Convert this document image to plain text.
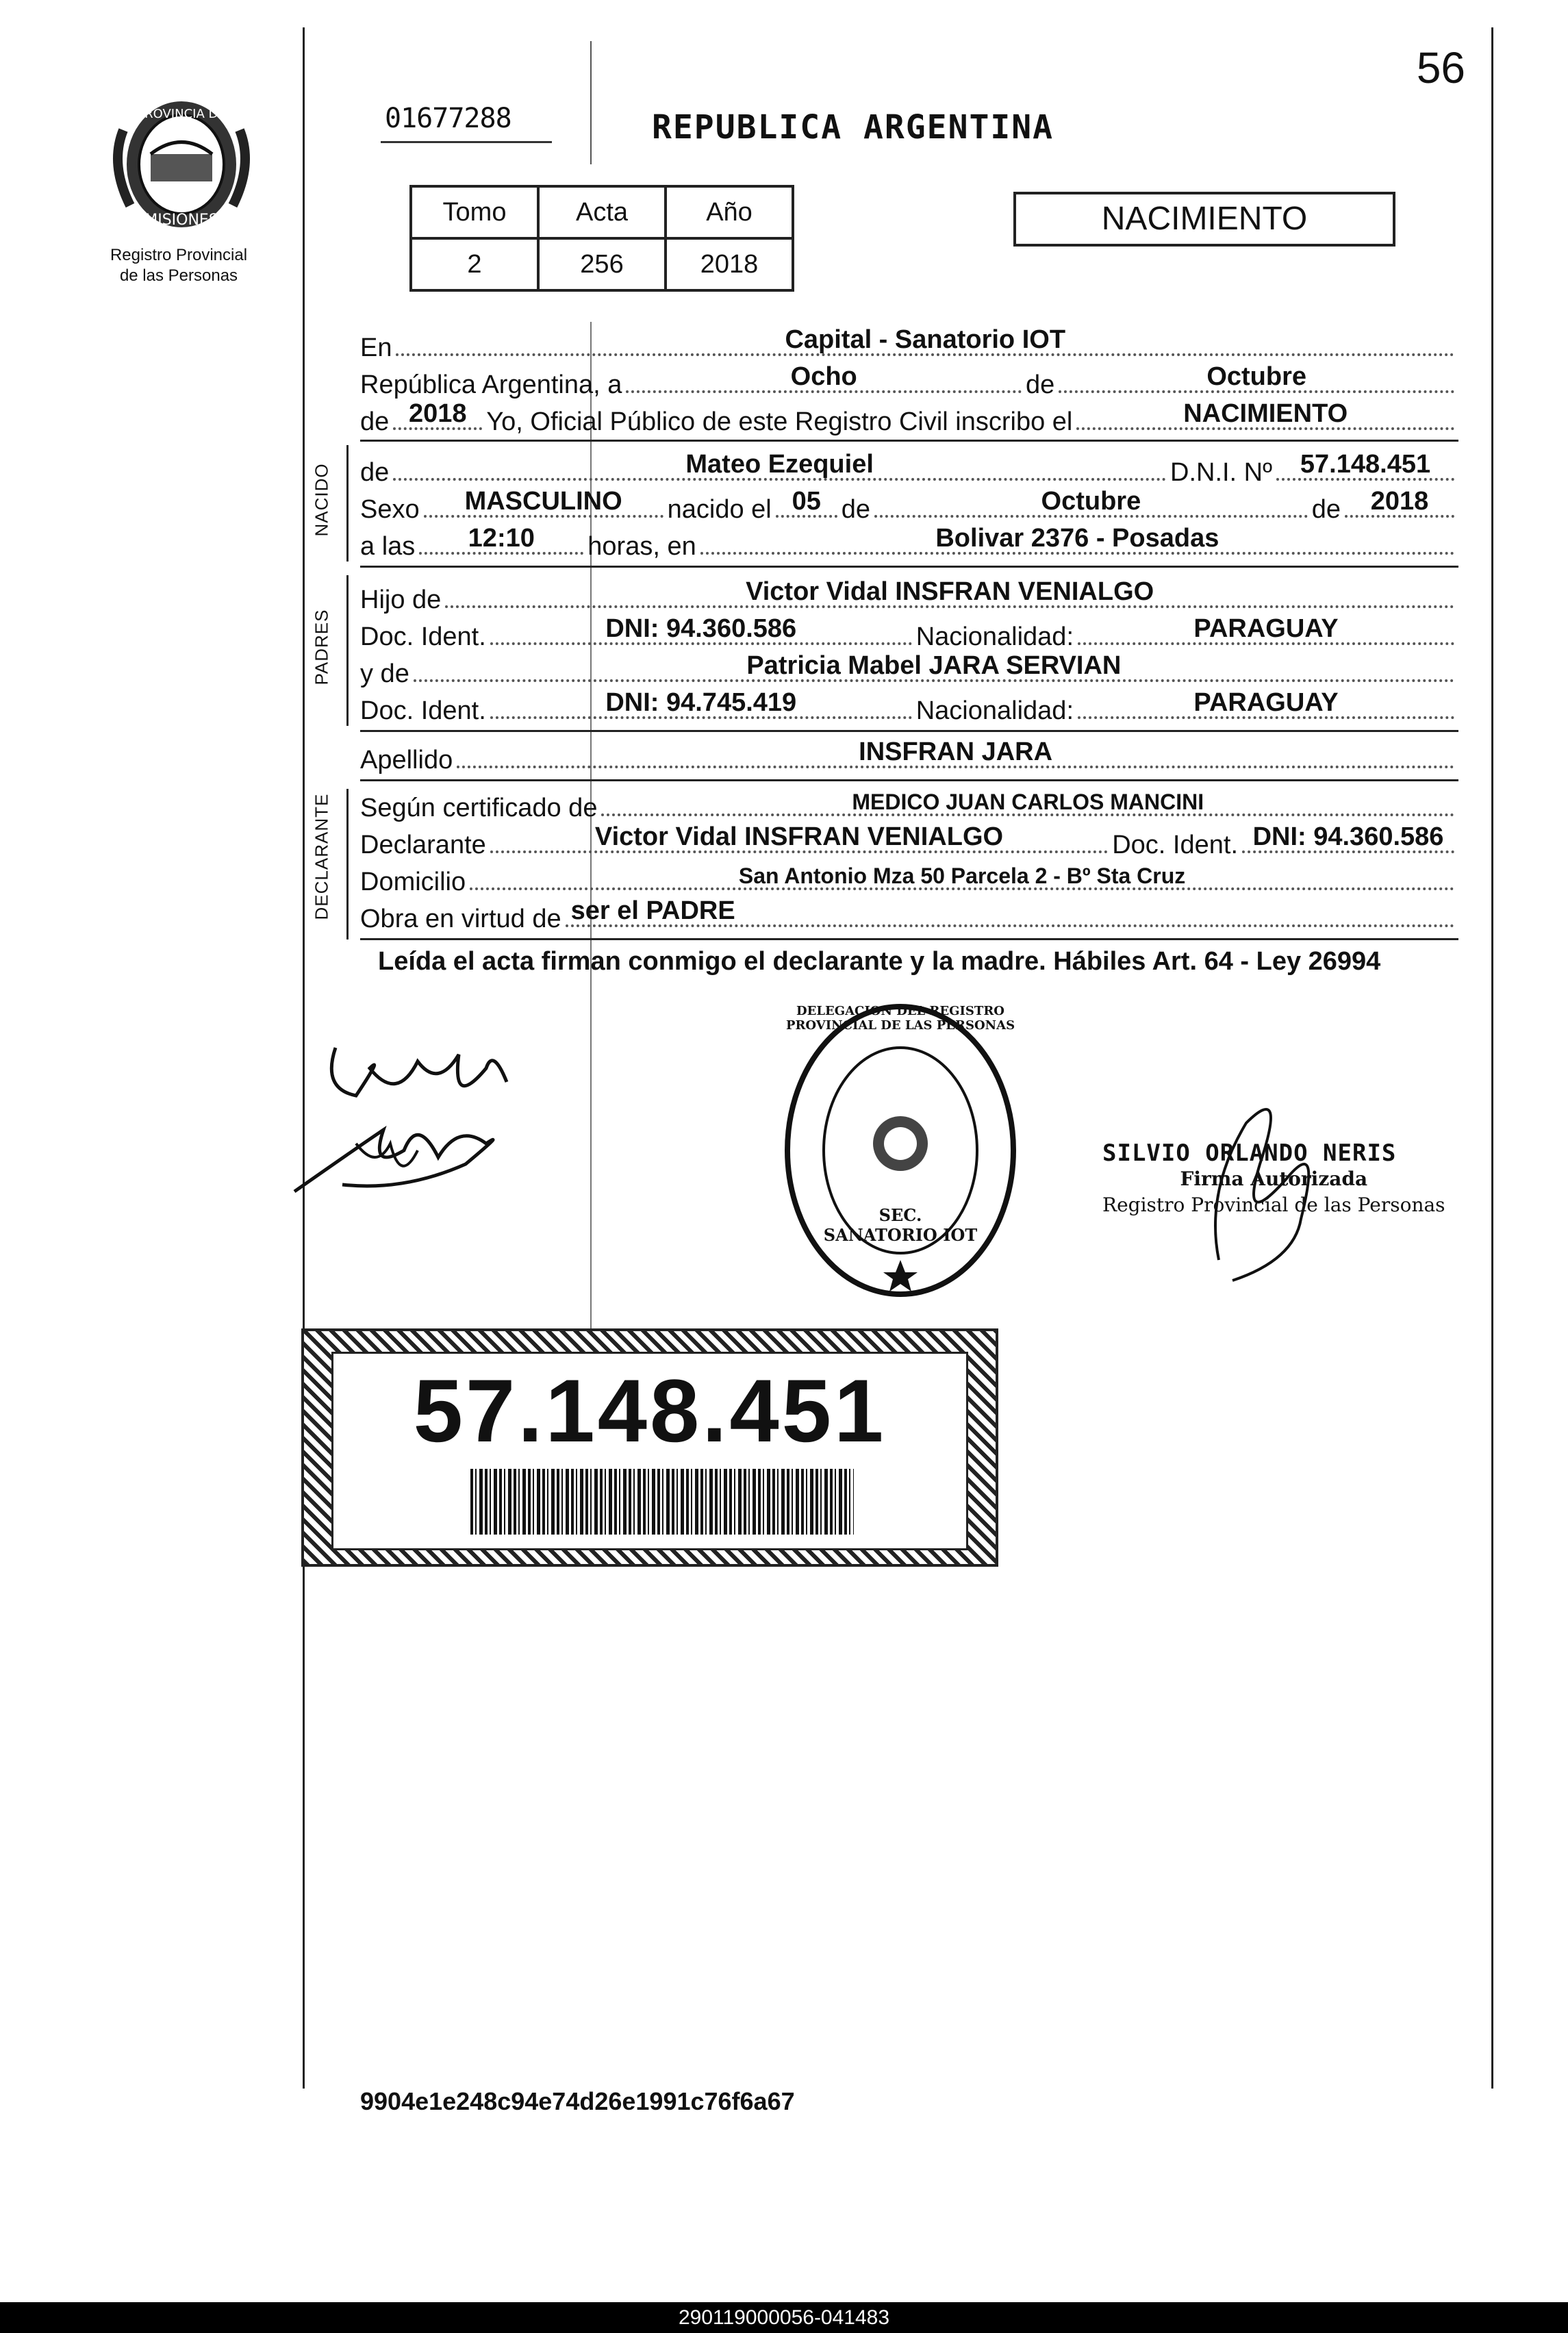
PROVINCIA DE
MISIONES
Registro Provincial
de las Personas
56
01677288	REPUBLICA ARGENTINA
Tomo	Acta	Año
2	256	2018
NACIMIENTO
En	Capital - Sanatorio IOT
República Argentina, a	Ocho	de	Octubre
de 2018 Yo, Oficial Público de este Registro Civil inscribo el	NACIMIENTO
NACIDO de	Mateo Ezequiel	D.N.I. Nº	57.148.451
Sexo	MASCULINO	nacido el 05 de	Octubre	de	2018
a las	12:10	horas, en	Bolivar 2376 - Posadas
PADRES
Hijo de	Victor Vidal INSFRAN VENIALGO
Doc. Ident.	DNI: 94.360.586	Nacionalidad:	PARAGUAY
y de	Patricia Mabel JARA SERVIAN
Doc. Ident.	DNI: 94.745.419	Nacionalidad:	PARAGUAY
Apellido	INSFRAN JARA
DECLARANTE Según certificado de	MEDICO JUAN CARLOS MANCINI
Declarante	Victor Vidal INSFRAN VENIALGO	Doc. Ident. DNI: 94.360.586
Domicilio	San Antonio Mza 50 Parcela 2 - Bº Sta Cruz
Obra en virtud de ser el PADRE
Leída el acta firman conmigo el declarante y la madre. Hábiles Art. 64 - Ley 26994
DELEGACION DEL REGISTRO PROVINCIAL DE LAS PERSONAS
SEC. SANATORIO IOT
SILVIO ORLANDO NERIS
Firma Autorizada
Registro Provincial de las Personas
57.148.451
9904e1e248c94e74d26e1991c76f6a67
290119000056-041483
